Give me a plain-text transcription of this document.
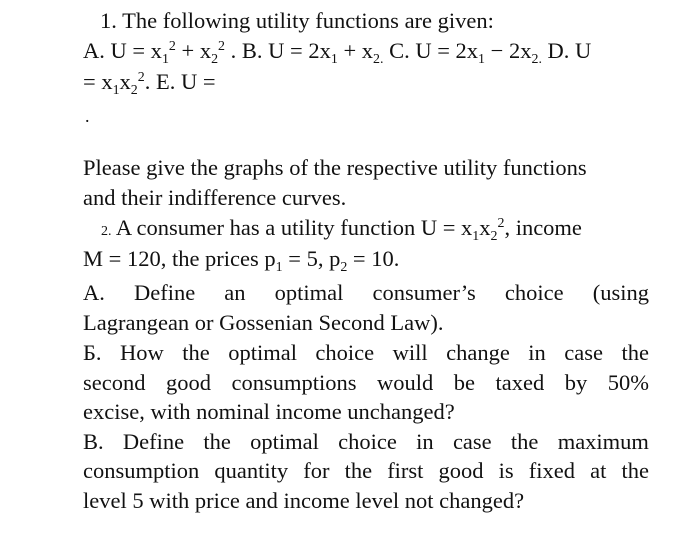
1. The following utility functions are given:
A. $U = x_1^2 + x_2^2$ . B. $U = 2x_1 + x_{2.}$ C. $U = 2x_1 - 2x_{2.}$ D. U
= $x_1x_2^2$. E. U =
.
Please give the graphs of the respective utility functions
and their indifference curves.
2. A consumer has a utility function $U = x_1x_2^2$, income
M = 120, the prices $p_1 = 5$, $p_2 = 10$.
A. Define an optimal consumer’s choice (using
Lagrangean or Gossenian Second Law).
Б. How the optimal choice will change in case the
second good consumptions would be taxed by 50%
excise, with nominal income unchanged?
B. Define the optimal choice in case the maximum
consumption quantity for the first good is fixed at the
level 5 with price and income level not changed?
